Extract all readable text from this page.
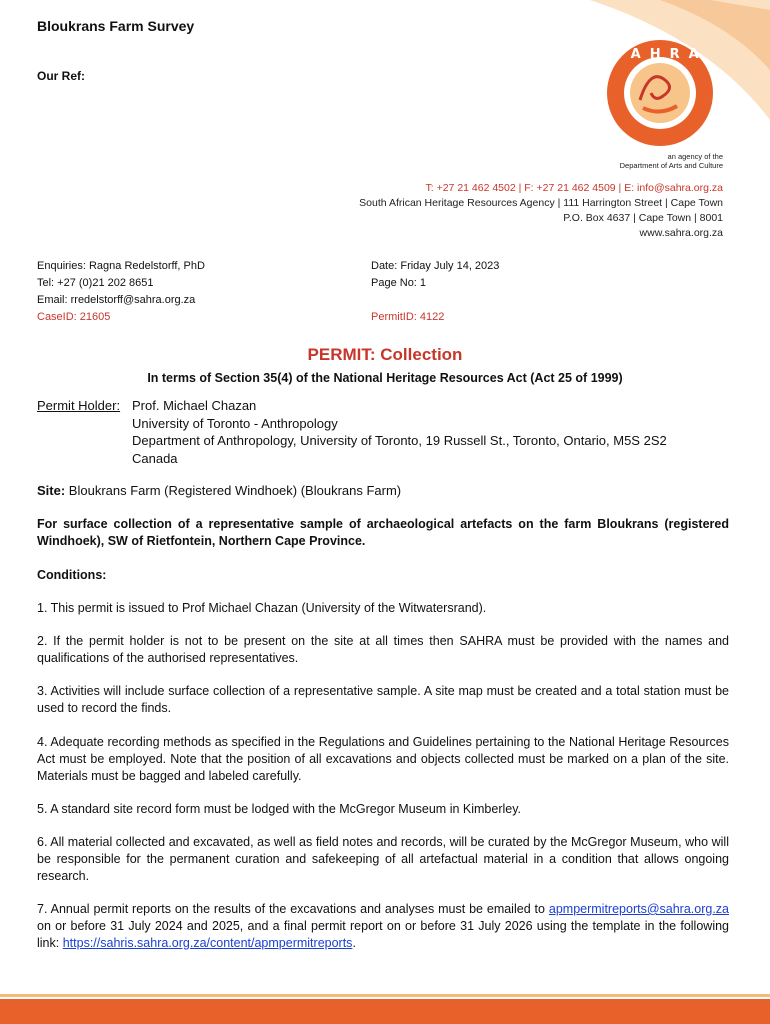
SAHRA
Bloukrans Farm Survey
Our Ref:
an agency of the
Department of Arts and Culture
T: +27 21 462 4502 | F: +27 21 462 4509 | E: info@sahra.org.za
South African Heritage Resources Agency | 111 Harrington Street | Cape Town
P.O. Box 4637 | Cape Town | 8001
www.sahra.org.za
Enquiries: Ragna Redelstorff, PhD
Tel: +27 (0)21 202 8651
Email: rredelstorff@sahra.org.za
CaseID: 21605
Date: Friday July 14, 2023
Page No: 1
PermitID: 4122
PERMIT: Collection
In terms of Section 35(4) of the National Heritage Resources Act (Act 25 of 1999)
Permit Holder: Prof. Michael Chazan
University of Toronto - Anthropology
Department of Anthropology, University of Toronto, 19 Russell St., Toronto, Ontario, M5S 2S2
Canada
Site: Bloukrans Farm (Registered Windhoek) (Bloukrans Farm)
For surface collection of a representative sample of archaeological artefacts on the farm Bloukrans (registered Windhoek), SW of Rietfontein, Northern Cape Province.
Conditions:
1. This permit is issued to Prof Michael Chazan (University of the Witwatersrand).
2. If the permit holder is not to be present on the site at all times then SAHRA must be provided with the names and qualifications of the authorised representatives.
3. Activities will include surface collection of a representative sample. A site map must be created and a total station must be used to record the finds.
4. Adequate recording methods as specified in the Regulations and Guidelines pertaining to the National Heritage Resources Act must be employed. Note that the position of all excavations and objects collected must be marked on a plan of the site. Materials must be bagged and labeled carefully.
5. A standard site record form must be lodged with the McGregor Museum in Kimberley.
6. All material collected and excavated, as well as field notes and records, will be curated by the McGregor Museum, who will be responsible for the permanent curation and safekeeping of all artefactual material in a condition that allows ongoing research.
7. Annual permit reports on the results of the excavations and analyses must be emailed to apmpermitreports@sahra.org.za on or before 31 July 2024 and 2025, and a final permit report on or before 31 July 2026 using the template in the following link: https://sahris.sahra.org.za/content/apmpermitreports.
